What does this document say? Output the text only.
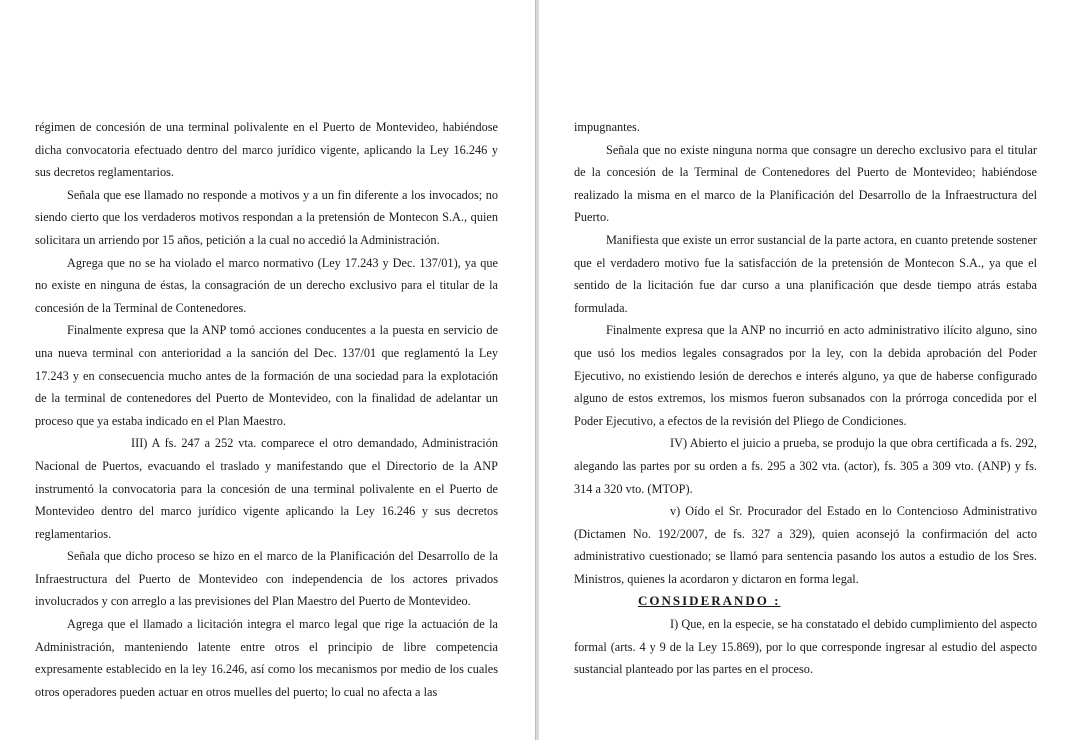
régimen de concesión de una terminal polivalente en el Puerto de Montevideo, habiéndose dicha convocatoria efectuado dentro del marco jurídico vigente, aplicando la Ley 16.246 y sus decretos reglamentarios.

Señala que ese llamado no responde a motivos y a un fin diferente a los invocados; no siendo cierto que los verdaderos motivos respondan a la pretensión de Montecon S.A., quien solicitara un arriendo por 15 años, petición a la cual no accedió la Administración.

Agrega que no se ha violado el marco normativo (Ley 17.243 y Dec. 137/01), ya que no existe en ninguna de éstas, la consagración de un derecho exclusivo para el titular de la concesión de la Terminal de Contenedores.

Finalmente expresa que la ANP tomó acciones conducentes a la puesta en servicio de una nueva terminal con anterioridad a la sanción del Dec. 137/01 que reglamentó la Ley 17.243 y en consecuencia mucho antes de la formación de una sociedad para la explotación de la terminal de contenedores del Puerto de Montevideo, con la finalidad de adelantar un proceso que ya estaba indicado en el Plan Maestro.

III) A fs. 247 a 252 vta. comparece el otro demandado, Administración Nacional de Puertos, evacuando el traslado y manifestando que el Directorio de la ANP instrumentó la convocatoria para la concesión de una terminal polivalente en el Puerto de Montevideo dentro del marco jurídico vigente aplicando la Ley 16.246 y sus decretos reglamentarios.

Señala que dicho proceso se hizo en el marco de la Planificación del Desarrollo de la Infraestructura del Puerto de Montevideo con independencia de los actores privados involucrados y con arreglo a las previsiones del Plan Maestro del Puerto de Montevideo.

Agrega que el llamado a licitación integra el marco legal que rige la actuación de la Administración, manteniendo latente entre otros el principio de libre competencia expresamente establecido en la ley 16.246, así como los mecanismos por medio de los cuales otros operadores pueden actuar en otros muelles del puerto; lo cual no afecta a las

impugnantes.

Señala que no existe ninguna norma que consagre un derecho exclusivo para el titular de la concesión de la Terminal de Contenedores del Puerto de Montevideo; habiéndose realizado la misma en el marco de la Planificación del Desarrollo de la Infraestructura del Puerto.

Manifiesta que existe un error sustancial de la parte actora, en cuanto pretende sostener que el verdadero motivo fue la satisfacción de la pretensión de Montecon S.A., ya que el sentido de la licitación fue dar curso a una planificación que desde tiempo atrás estaba formulada.

Finalmente expresa que la ANP no incurrió en acto administrativo ilícito alguno, sino que usó los medios legales consagrados por la ley, con la debida aprobación del Poder Ejecutivo, no existiendo lesión de derechos e interés alguno, ya que de haberse configurado alguno de estos extremos, los mismos fueron subsanados con la prórroga concedida por el Poder Ejecutivo, a efectos de la revisión del Pliego de Condiciones.

IV) Abierto el juicio a prueba, se produjo la que obra certificada a fs. 292, alegando las partes por su orden a fs. 295 a 302 vta. (actor), fs. 305 a 309 vto. (ANP) y fs. 314 a 320 vto. (MTOP).

v) Oído el Sr. Procurador del Estado en lo Contencioso Administrativo (Dictamen No. 192/2007, de fs. 327 a 329), quien aconsejó la confirmación del acto administrativo cuestionado; se llamó para sentencia pasando los autos a estudio de los Sres. Ministros, quienes la acordaron y dictaron en forma legal.

CONSIDERANDO :

I) Que, en la especie, se ha constatado el debido cumplimiento del aspecto formal (arts. 4 y 9 de la Ley 15.869), por lo que corresponde ingresar al estudio del aspecto sustancial planteado por las partes en el proceso.
